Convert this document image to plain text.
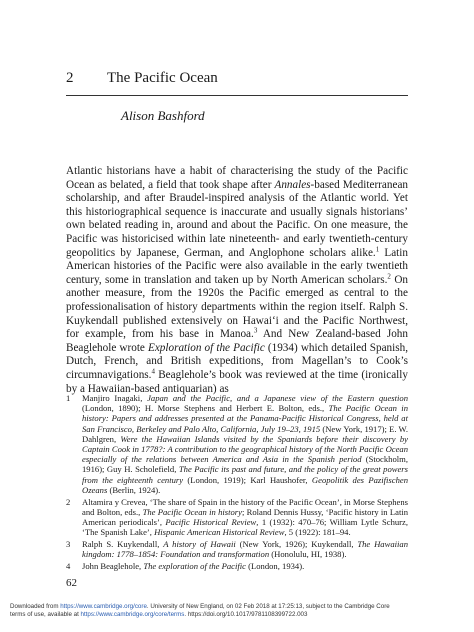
2 The Pacific Ocean
Alison Bashford

Atlantic historians have a habit of characterising the study of the Pacific Ocean as belated, a field that took shape after Annales-based Mediterranean scholarship, and after Braudel-inspired analysis of the Atlantic world. Yet this historiographical sequence is inaccurate and usually signals historians’ own belated reading in, around and about the Pacific. On one measure, the Pacific was historicised within late nineteenth- and early twentieth-century geopolitics by Japanese, German, and Anglophone scholars alike.$^1$ Latin American histories of the Pacific were also available in the early twentieth century, some in translation and taken up by North American scholars.$^2$ On another measure, from the 1920s the Pacific emerged as central to the professionalisation of history departments within the region itself. Ralph S. Kuykendall published extensively on Hawai‘i and the Pacific Northwest, for example, from his base in Manoa.$^3$ And New Zealand-based John Beaglehole wrote Exploration of the Pacific (1934) which detailed Spanish, Dutch, French, and British expeditions, from Magellan’s to Cook’s circumnavigations.$^4$ Beaglehole’s book was reviewed at the time (ironically by a Hawaiian-based antiquarian) as

1	Manjiro Inagaki, Japan and the Pacific, and a Japanese view of the Eastern question (London, 1890); H. Morse Stephens and Herbert E. Bolton, eds., The Pacific Ocean in history: Papers and addresses presented at the Panama-Pacific Historical Congress, held at San Francisco, Berkeley and Palo Alto, California, July 19–23, 1915 (New York, 1917); E. W. Dahlgren, Were the Hawaiian Islands visited by the Spaniards before their discovery by Captain Cook in 1778?: A contribution to the geographical history of the North Pacific Ocean especially of the relations between America and Asia in the Spanish period (Stockholm, 1916); Guy H. Scholefield, The Pacific its past and future, and the policy of the great powers from the eighteenth century (London, 1919); Karl Haushofer, Geopolitik des Pazifischen Ozeans (Berlin, 1924).
2	Altamira y Crevea, ‘The share of Spain in the history of the Pacific Ocean’, in Morse Stephens and Bolton, eds., The Pacific Ocean in history; Roland Dennis Hussy, ‘Pacific history in Latin American periodicals’, Pacific Historical Review, 1 (1932): 470–76; William Lytle Schurz, ‘The Spanish Lake’, Hispanic American Historical Review, 5 (1922): 181–94.
3	Ralph S. Kuykendall, A history of Hawaii (New York, 1926); Kuykendall, The Hawaiian kingdom: 1778–1854: Foundation and transformation (Honolulu, HI, 1938).
4	John Beaglehole, The exploration of the Pacific (London, 1934).
62
Downloaded from https://www.cambridge.org/core. University of New England, on 02 Feb 2018 at 17:25:13, subject to the Cambridge Core
terms of use, available at https://www.cambridge.org/core/terms. https://doi.org/10.1017/9781108399722.003
